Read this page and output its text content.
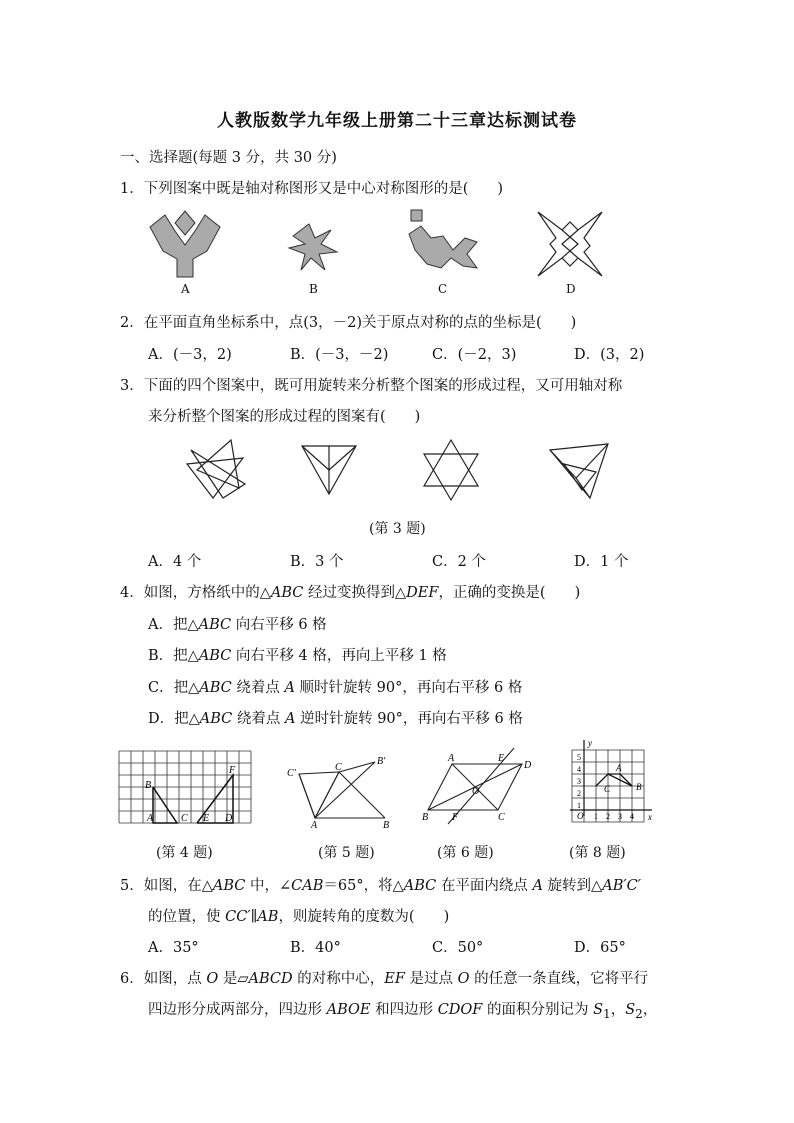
人教版数学九年级上册第二十三章达标测试卷
一、选择题(每题 3 分，共 30 分)
1．下列图案中既是轴对称图形又是中心对称图形的是(　　)
A	B	C	D
2．在平面直角坐标系中，点(3，－2)关于原点对称的点的坐标是(　　)
A．(－3，2)	B．(－3，－2)	C．(－2，3)	D．(3，2)
3．下面的四个图案中，既可用旋转来分析整个图案的形成过程，又可用轴对称
来分析整个图案的形成过程的图案有(　　)
(第 3 题)
A．4 个	B．3 个	C．2 个	D．1 个
4．如图，方格纸中的△ABC 经过变换得到△DEF，正确的变换是(　　)
A．把△ABC 向右平移 6 格
B．把△ABC 向右平移 4 格，再向上平移 1 格
C．把△ABC 绕着点 A 顺时针旋转 90°，再向右平移 6 格
D．把△ABC 绕着点 A 逆时针旋转 90°，再向右平移 6 格
B
A	C E D
F	C′
C
B′
A	B
A	E
D
O
B F	C
y
x
O
1
2
3
4
5
1 2 3 4
A
B
C
(第 4 题)	(第 5 题)	(第 6 题)	(第 8 题)
5．如图，在△ABC 中，∠CAB＝65°，将△ABC 在平面内绕点 A 旋转到△AB′C′
的位置，使 CC′∥AB，则旋转角的度数为(　　)
A．35°	B．40°	C．50°	D．65°
6．如图，点 O 是▱ABCD 的对称中心，EF 是过点 O 的任意一条直线，它将平行
四边形分成两部分，四边形 ABOE 和四边形 CDOF 的面积分别记为 $S_1$，$S_2$，
